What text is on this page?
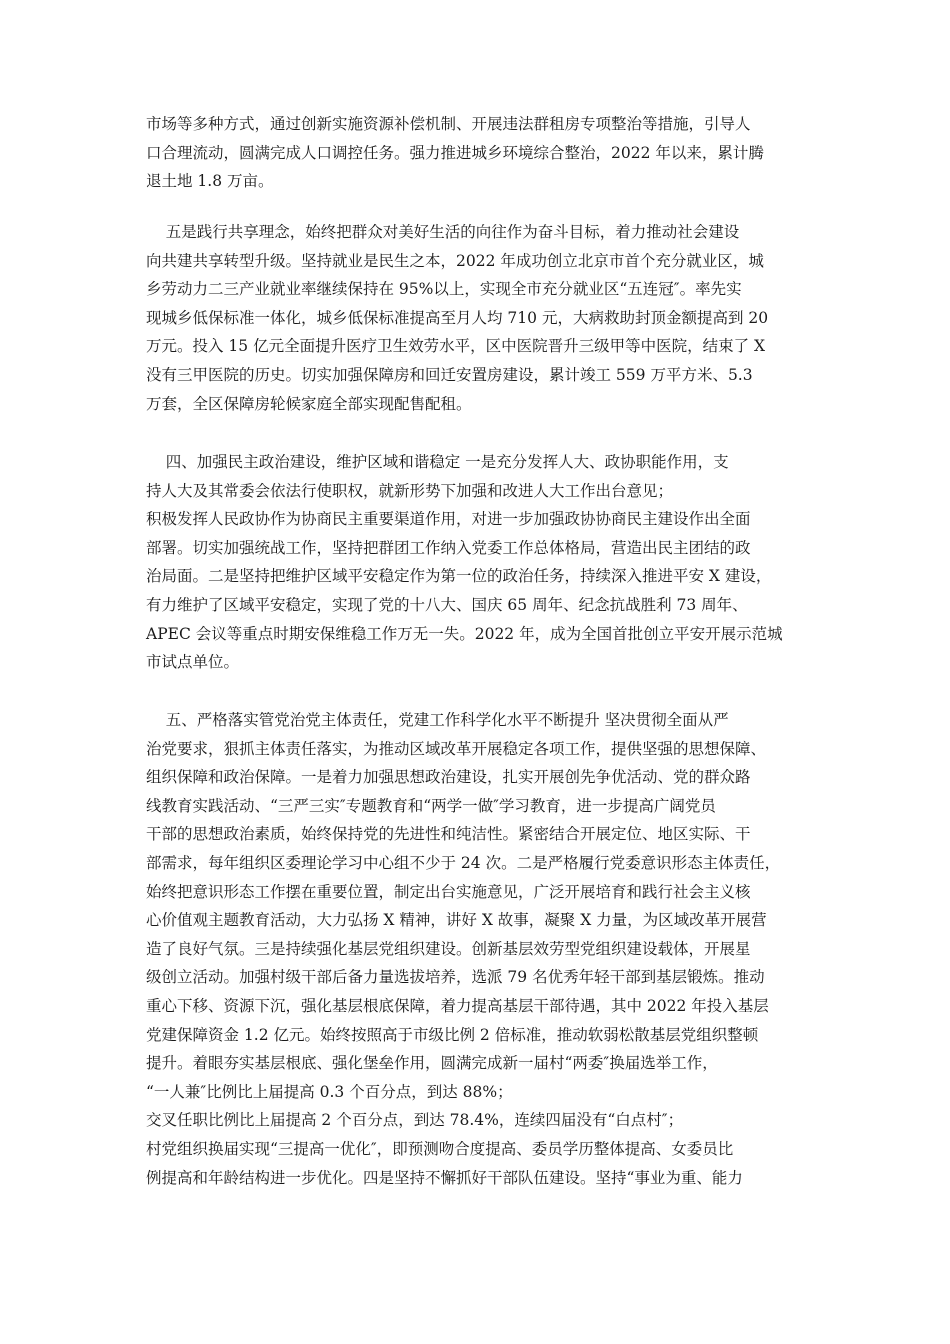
市场等多种方式，通过创新实施资源补偿机制、开展违法群租房专项整治等措施，引导人
口合理流动，圆满完成人口调控任务。强力推进城乡环境综合整治，2022 年以来，累计腾
退土地 1.8 万亩。
五是践行共享理念，始终把群众对美好生活的向往作为奋斗目标，着力推动社会建设
向共建共享转型升级。坚持就业是民生之本，2022 年成功创立北京市首个充分就业区，城
乡劳动力二三产业就业率继续保持在 95%以上，实现全市充分就业区“五连冠″。率先实
现城乡低保标准一体化，城乡低保标准提高至月人均 710 元，大病救助封顶金额提高到 20
万元。投入 15 亿元全面提升医疗卫生效劳水平，区中医院晋升三级甲等中医院，结束了 X
没有三甲医院的历史。切实加强保障房和回迁安置房建设，累计竣工 559 万平方米、5.3
万套，全区保障房轮候家庭全部实现配售配租。
四、加强民主政治建设，维护区域和谐稳定 一是充分发挥人大、政协职能作用，支
持人大及其常委会依法行使职权，就新形势下加强和改进人大工作出台意见；
积极发挥人民政协作为协商民主重要渠道作用，对进一步加强政协协商民主建设作出全面
部署。切实加强统战工作，坚持把群团工作纳入党委工作总体格局，营造出民主团结的政
治局面。二是坚持把维护区域平安稳定作为第一位的政治任务，持续深入推进平安 X 建设，
有力维护了区域平安稳定，实现了党的十八大、国庆 65 周年、纪念抗战胜利 73 周年、
APEC 会议等重点时期安保维稳工作万无一失。2022 年，成为全国首批创立平安开展示范城
市试点单位。
五、严格落实管党治党主体责任，党建工作科学化水平不断提升 坚决贯彻全面从严
治党要求，狠抓主体责任落实，为推动区域改革开展稳定各项工作，提供坚强的思想保障、
组织保障和政治保障。一是着力加强思想政治建设，扎实开展创先争优活动、党的群众路
线教育实践活动、“三严三实″专题教育和“两学一做″学习教育，进一步提高广阔党员
干部的思想政治素质，始终保持党的先进性和纯洁性。紧密结合开展定位、地区实际、干
部需求，每年组织区委理论学习中心组不少于 24 次。二是严格履行党委意识形态主体责任，
始终把意识形态工作摆在重要位置，制定出台实施意见，广泛开展培育和践行社会主义核
心价值观主题教育活动，大力弘扬 X 精神，讲好 X 故事，凝聚 X 力量，为区域改革开展营
造了良好气氛。三是持续强化基层党组织建设。创新基层效劳型党组织建设载体，开展星
级创立活动。加强村级干部后备力量选拔培养，选派 79 名优秀年轻干部到基层锻炼。推动
重心下移、资源下沉，强化基层根底保障，着力提高基层干部待遇，其中 2022 年投入基层
党建保障资金 1.2 亿元。始终按照高于市级比例 2 倍标准，推动软弱松散基层党组织整顿
提升。着眼夯实基层根底、强化堡垒作用，圆满完成新一届村“两委″换届选举工作，
“一人兼″比例比上届提高 0.3 个百分点，到达 88%；
交叉任职比例比上届提高 2 个百分点，到达 78.4%，连续四届没有“白点村″；
村党组织换届实现“三提高一优化″，即预测吻合度提高、委员学历整体提高、女委员比
例提高和年龄结构进一步优化。四是坚持不懈抓好干部队伍建设。坚持“事业为重、能力
